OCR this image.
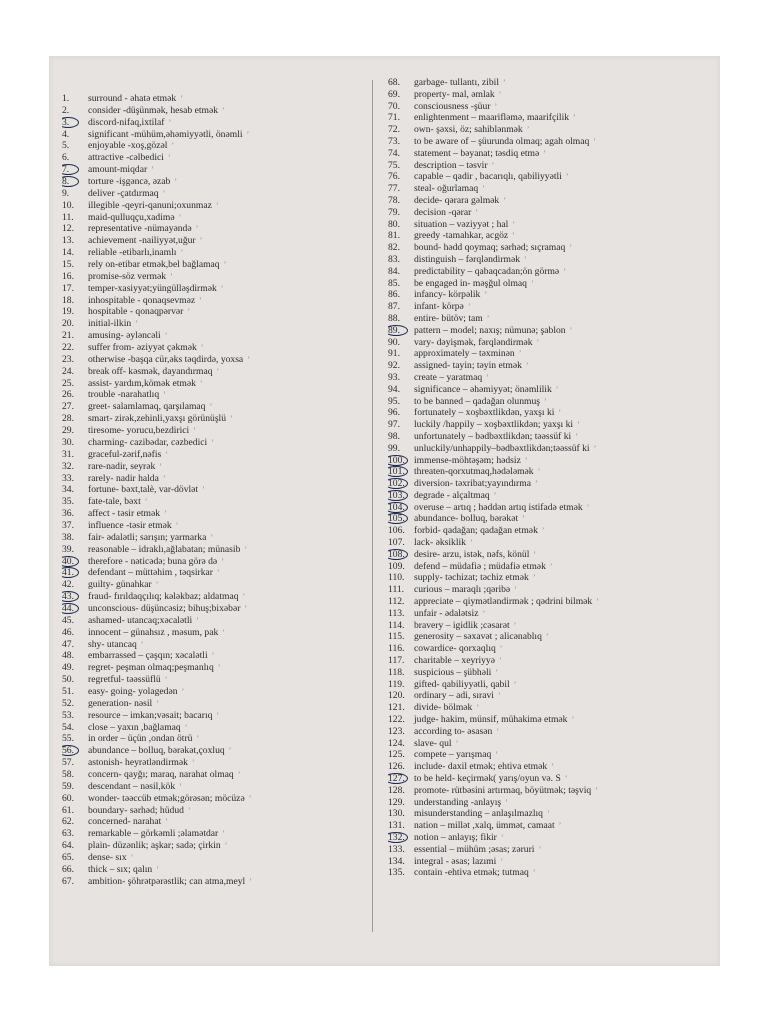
1. surround - əhatə etmək ’
2. consider -düşünmək, hesab etmək ’
3. discord-nifaq,ixtilaf ’
4. significant -mühüm,əhəmiyyətli, önəmli ’
5. enjoyable -xoş,gözəl ’
6. attractive -cəlbedici ’
7. amount-miqdar ’
8. torture -işgəncə, əzab ’
9. deliver -çatdırmaq ’
10. illegible -qeyri-qanuni;oxunmaz ’
11. maid-qulluqçu,xadimə ’
12. representative -nümayəndə ’
13. achievement -nailiyyət,uğur ’
14. reliable -etibarlı,inamlı ’
15. rely on-etibar etmək,bel bağlamaq ’
16. promise-söz vermək ’
17. temper-xasiyyət;yüngülləşdirmək ’
18. inhospitable - qonaqsevməz ’
19. hospitable - qonaqpərvər ’
20. initial-ilkin ’
21. amusing- əyləncəli ’
22. suffer from- əziyyət çəkmək ’
23. otherwise -başqa cür,əks təqdirdə, yoxsa ’
24. break off- kəsmək, dayandırmaq ’
25. assist- yardım,kömək etmək ’
26. trouble -narahatlıq ’
27. greet- salamlamaq, qarşılamaq ’
28. smart- zirək,zehinli,yaxşı görünüşlü ’
29. tiresome- yorucu,bezdirici ’
30. charming- cazibədar, cəzbedici ’
31. graceful-zərif,nəfis ’
32. rare-nadir, seyrək ’
33. rarely- nadir halda ’
34. fortune- bəxt,talè, var-dövlət ’
35. fate-tale, bəxt ’
36. affect - təsir etmək ’
37. influence -təsir etmək ’
38. fair- ədalətli; sarışın; yarmarka ’
39. reasonable – idraklı,ağlabatan; münasib ’
40. therefore - nəticədə; buna görə də ’
41. defendant – müttəhim , təqsirkar ’
42. guilty- günahkar ’
43. fraud- fırıldaqçılıq; kələkbaz; aldatmaq ’
44. unconscious- düşüncəsiz; bihuş;bixəbər ’
45. ashamed- utancaq;xəcalətli ’
46. innocent – günahsız , məsum, pak ’
47. shy- utancaq ’
48. embarrassed – çaşqın; xəcalətli ’
49. regret- peşman olmaq;peşmanlıq ’
50. regretful- təəssüflü ’
51. easy- going- yolagedən ’
52. generation- nəsil ’
53. resource – imkan;vəsait; bacarıq ’
54. close – yaxın ,bağlamaq ’
55. in order – üçün ,ondan ötrü ’
56. abundance – bolluq, bərəkət,çoxluq ’
57. astonish- heyrətləndirmək ’
58. concern- qayğı; maraq, narahat olmaq ’
59. descendant – nəsil,kök ’
60. wonder- təəccüb etmək;görəsən; möcüzə ’
61. boundary- sərhəd; hüdud ’
62. concerned- narahat ’
63. remarkable – görkəmli ;əlamətdar ’
64. plain- düzənlik; aşkar; sadə; çirkin ’
65. dense- sıx ’
66. thick – sıx; qalın ’
67. ambition- şöhrətpərəstlik; can atma,meyl ’
68. garbage- tullantı, zibil ’
69. property- mal, əmlak ’
70. consciousness -şüur ’
71. enlightenment – maarifləmə, maarifçilik ’
72. own- şəxsi, öz; sahiblənmək ’
73. to be aware of – şüurunda olmaq; agah olmaq ’
74. statement – bəyanat; təsdiq etmə ’
75. description – təsvir ’
76. capable – qadir , bacarıqlı, qabiliyyətli ’
77. steal- oğurlamaq ’
78. decide- qərara gəlmək ’
79. decision -qərar ’
80. situation – vəziyyət ; hal ’
81. greedy -tamahkar, acgöz ’
82. bound- hədd qoymaq; sərhəd; sıçramaq ’
83. distinguish – fərqləndirmək ’
84. predictability – qabaqcadan;ön görmə ’
85. be engaged in- məşğul olmaq ’
86. infancy- körpəlik ’
87. infant- körpə ’
88. entire- bütöv; tam ’
89. pattern – model; naxış; nümunə; şablon ’
90. vary- dəyişmək, fərqləndirmək ’
91. approximately – təxminən ’
92. assigned- tayin; təyin etmək ’
93. create – yaratmaq ’
94. significance – əhəmiyyət; önəmlilik ’
95. to be banned – qadağan olunmuş ’
96. fortunately – xoşbəxtlikdən, yaxşı ki ’
97. luckily /happily – xoşbəxtlikdən; yaxşı ki ’
98. unfortunately – bədbəxtlikdən; təəssüf ki ’
99. unluckily/unhappily–bədbəxtlikdən;təəssüf ki ’
100. immense-möhtəşəm; hədsiz ’
101. threaten-qorxutmaq,hədələmək ’
102. diversion- təxribat;yayındırma ’
103. degrade - alçaltmaq ’
104. overuse – artıq ; həddən artıq istifadə etmək ’
105. abundance- bolluq, bərəkət ’
106. forbid- qadağan; qadağan etmək ’
107. lack- əksiklik ’
108. desire- arzu, istək, nəfs, könül ’
109. defend – müdafiə ; müdafiə etmək ’
110. supply- təchizat; təchiz etmək ’
111. curious – maraqlı ;qəribə ’
112. appreciate – qiymətləndirmək ; qədrini bilmək ’
113. unfair - ədalətsiz ’
114. bravery – igidlik ;cəsarət ’
115. generosity – səxavət ; alicənablıq ’
116. cowardice- qorxaqlıq ’
117. charitable – xeyriyyə ’
118. suspicious – şübhəli ’
119. gifted- qabiliyyətli, qabil ’
120. ordinary – adi, sıravi ’
121. divide- bölmək ’
122. judge- hakim, münsif, mühakimə etmək ’
123. according to- əsasən ’
124. slave- qul ’
125. compete – yarışmaq ’
126. include- daxil etmək; ehtiva etmək ’
127. to be held- keçirmək( yarış/oyun və. S ’
128. promote- rütbəsini artırmaq, böyütmək; təşviq ’
129. understanding -anlayış ’
130. misunderstanding – anlaşılmazlıq ’
131. nation – millət ,xalq, ümmət, camaat ’
132. notion – anlayış; fikir ’
133. essential – mühüm ;əsas; zəruri ’
134. integral - əsas; lazımi ’
135. contain -ehtiva etmək; tutmaq ’
